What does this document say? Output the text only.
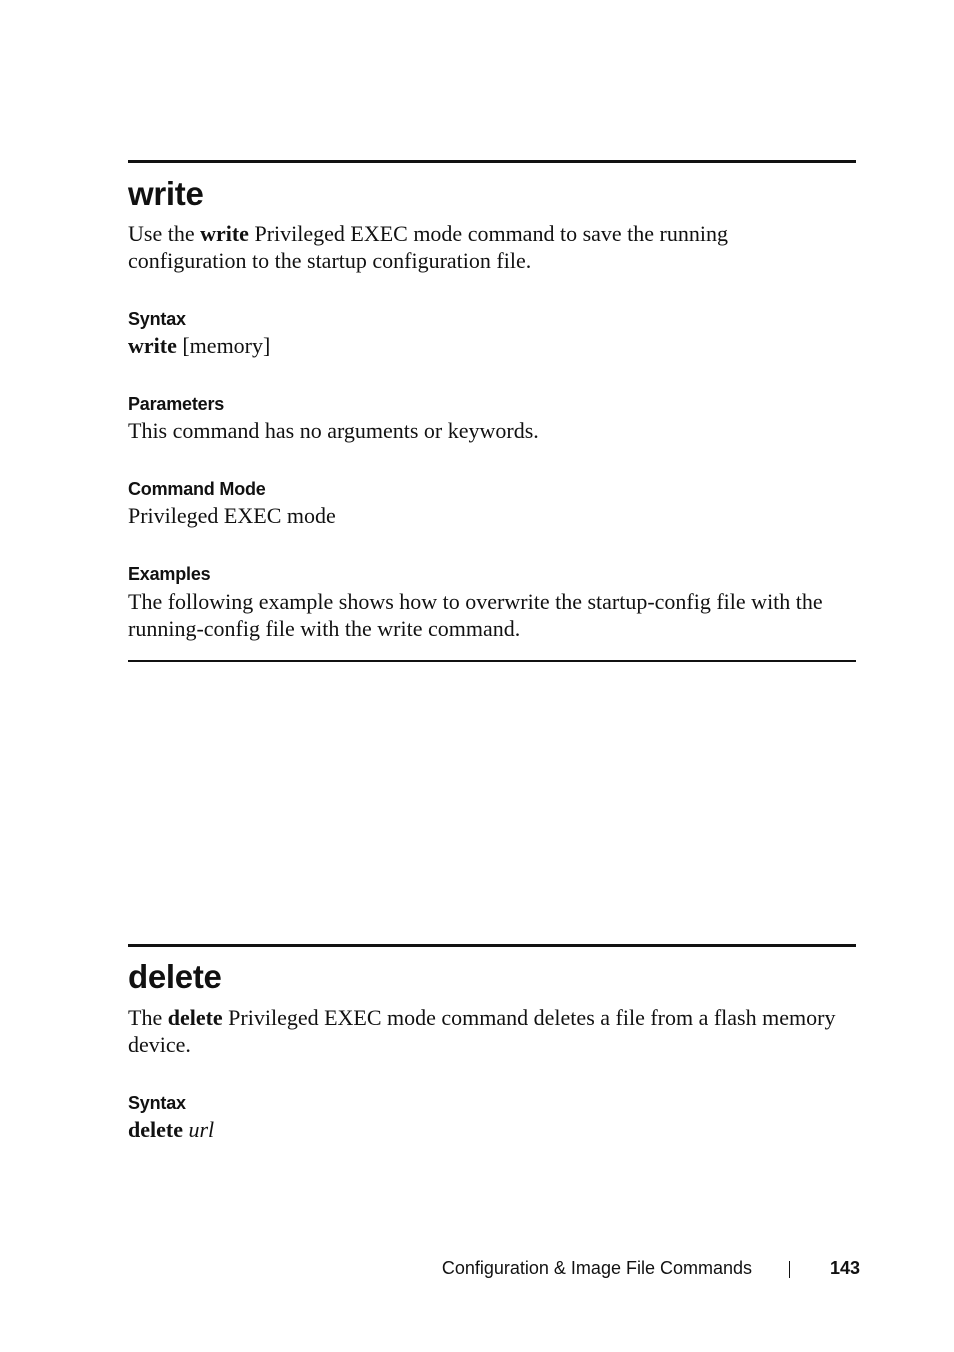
write

Use the write Privileged EXEC mode command to save the running configuration to the startup configuration file.

Syntax

write [memory]

Parameters

This command has no arguments or keywords.

Command Mode

Privileged EXEC mode

Examples

The following example shows how to overwrite the startup-config file with the running-config file with the write command.

delete

The delete Privileged EXEC mode command deletes a file from a flash memory device.

Syntax

delete url

Configuration & Image File Commands	143
